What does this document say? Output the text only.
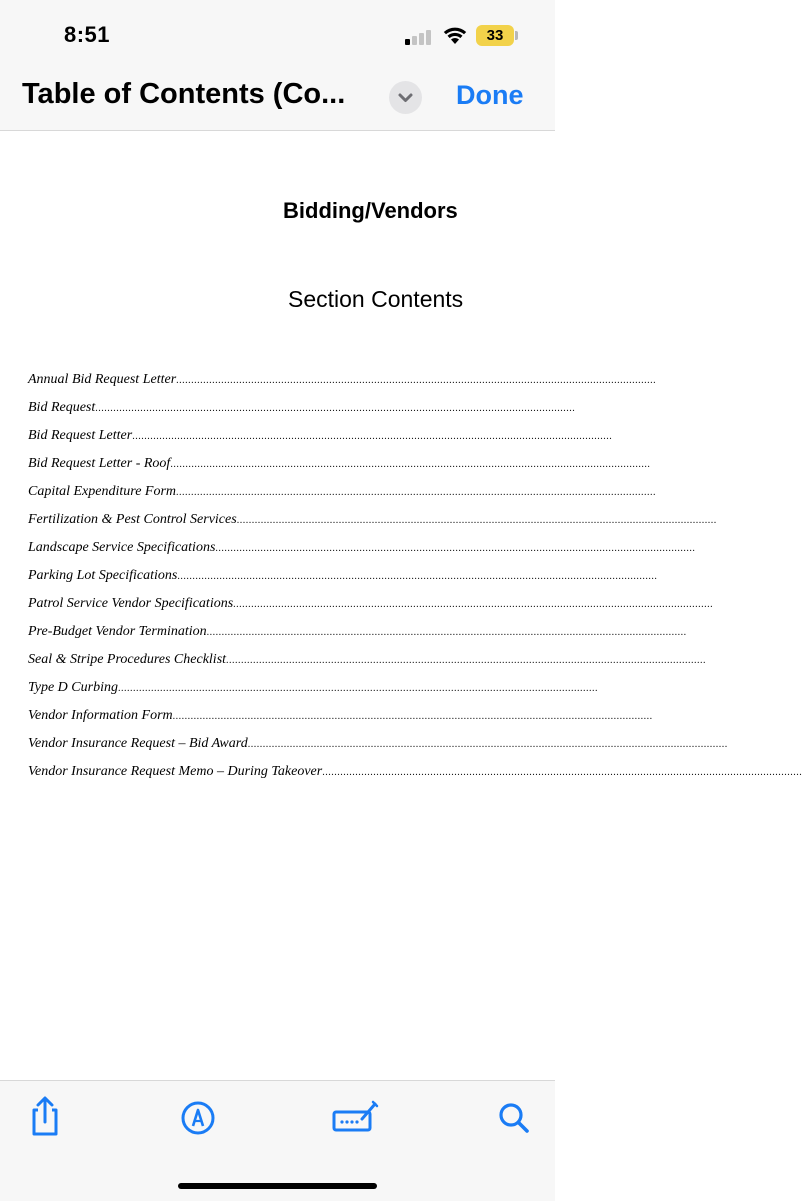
8:51	33
Table of Contents (Co...	Done
Bidding/Vendors
Section Contents
Annual Bid Request Letter ................................................................................................................................................................
Bid Request ................................................................................................................................................................
Bid Request Letter ................................................................................................................................................................
Bid Request Letter - Roof ................................................................................................................................................................
Capital Expenditure Form ................................................................................................................................................................
Fertilization & Pest Control Services ................................................................................................................................................................
Landscape Service Specifications ................................................................................................................................................................
Parking Lot Specifications ................................................................................................................................................................
Patrol Service Vendor Specifications ................................................................................................................................................................
Pre-Budget Vendor Termination ................................................................................................................................................................
Seal & Stripe Procedures Checklist ................................................................................................................................................................
Type D Curbing ................................................................................................................................................................
Vendor Information Form ................................................................................................................................................................
Vendor Insurance Request – Bid Award ................................................................................................................................................................
Vendor Insurance Request Memo – During Takeover ................................................................................................................................................................
